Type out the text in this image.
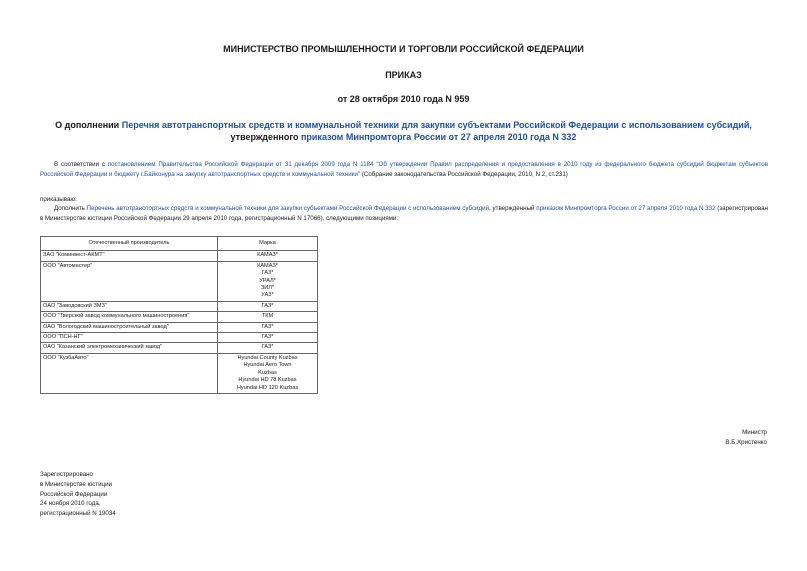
МИНИСТЕРСТВО ПРОМЫШЛЕННОСТИ И ТОРГОВЛИ РОССИЙСКОЙ ФЕДЕРАЦИИ
ПРИКАЗ
от 28 октября 2010 года N 959
О дополнении Перечня автотранспортных средств и коммунальной техники для закупки субъектами Российской Федерации с использованием субсидий,
утвержденного приказом Минпромторга России от 27 апреля 2010 года N 332
В соответствии с постановлением Правительства Российской Федерации от 31 декабря 2009 года N 1184 "Об утверждении Правил распределения и предоставления в 2010 году из федерального бюджета субсидий бюджетам субъектов Российской Федерации и бюджету г.Байконура на закупку автотранспортных средств и коммунальной техники" (Собрание законодательства Российской Федерации, 2010, N 2, ст.231)
приказываю:
Дополнить Перечень автотранспортных средств и коммунальной техники для закупки субъектами Российской Федерации с использованием субсидий, утвержденный приказом Минпромторга России от 27 апреля 2010 года N 332 (зарегистрирован в Министерстве юстиции Российской Федерации 29 апреля 2010 года, регистрационный N 17066), следующими позициями:
Отечественный производитель	Марка
ЗАО "Коминвест-АКМТ"	КАМАЗ*

ООО "Автомастер"	КАМАЗ*
ГАЗ*
УРАЛ*
ЗИЛ*
УАЗ*

ОАО "Заводовский ЗМЗ"	ГАЗ*

ООО "Тверской завод коммунального машиностроения"	ТКМ

ОАО "Вологодский машиностроительный завод"	ГАЗ*

ООО "ПСН-НГ"	ГАЗ*

ОАО "Казанский электромеханический завод"	ГАЗ*

ООО "КузбаАвто"	Hyundai County Kuzbas
Hyundai Aero Town
Kuzbas
Hyundai HD 78 Kuzbas
Hyundai HD 120 Kuzbas
Министр
В.Б.Христенко
Зарегистрировано
в Министерстве юстиции
Российской Федерации
24 ноября 2010 года,
регистрационный N 19034
